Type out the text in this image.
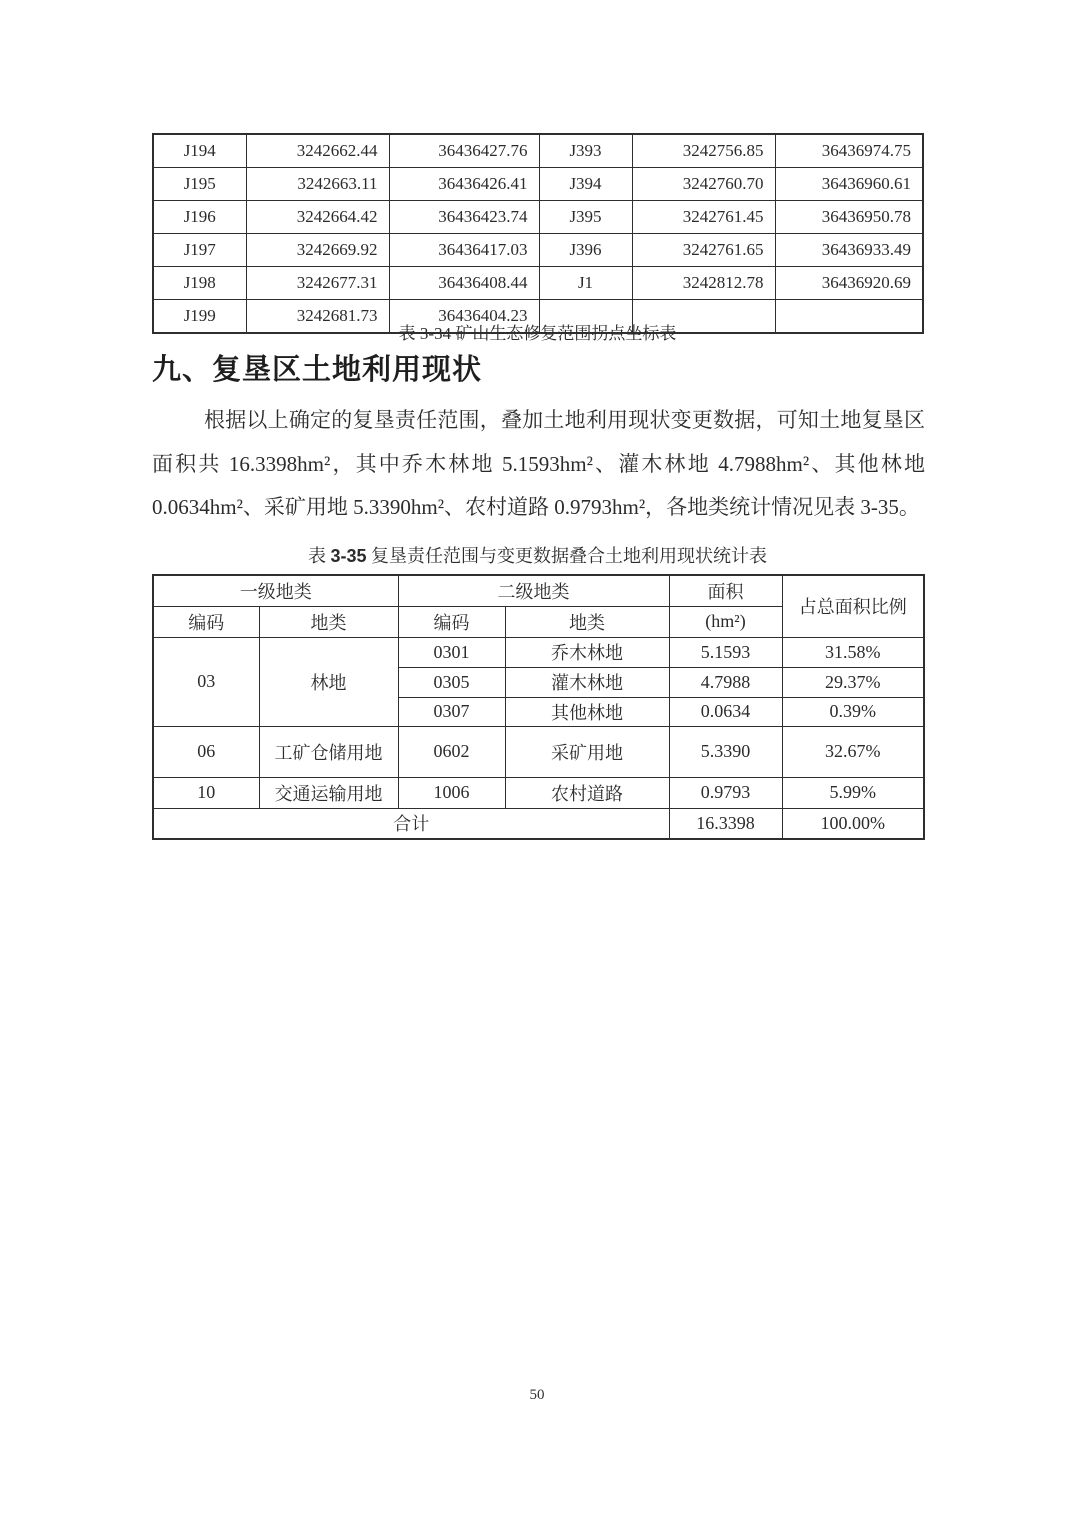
J194	3242662.44	36436427.76	J393	3242756.85	36436974.75
J195	3242663.11	36436426.41	J394	3242760.70	36436960.61
J196	3242664.42	36436423.74	J395	3242761.45	36436950.78
J197	3242669.92	36436417.03	J396	3242761.65	36436933.49
J198	3242677.31	36436408.44	J1	3242812.78	36436920.69
J199	3242681.73	36436404.23			
表 3-34 矿山生态修复范围拐点坐标表
九、复垦区土地利用现状
根据以上确定的复垦责任范围，叠加土地利用现状变更数据，可知土地复垦区面积共 16.3398hm²，其中乔木林地 5.1593hm²、灌木林地 4.7988hm²、其他林地 0.0634hm²、采矿用地 5.3390hm²、农村道路 0.9793hm²，各地类统计情况见表 3-35。
表 3-35 复垦责任范围与变更数据叠合土地利用现状统计表
一级地类		二级地类		面积	占总面积比例
编码	地类	编码	地类	(hm²)	
03	林地	0301	乔木林地	5.1593	31.58%
		0305	灌木林地	4.7988	29.37%
		0307	其他林地	0.0634	0.39%
06	工矿仓储用地	0602	采矿用地	5.3390	32.67%
10	交通运输用地	1006	农村道路	0.9793	5.99%
合计				16.3398	100.00%
50
